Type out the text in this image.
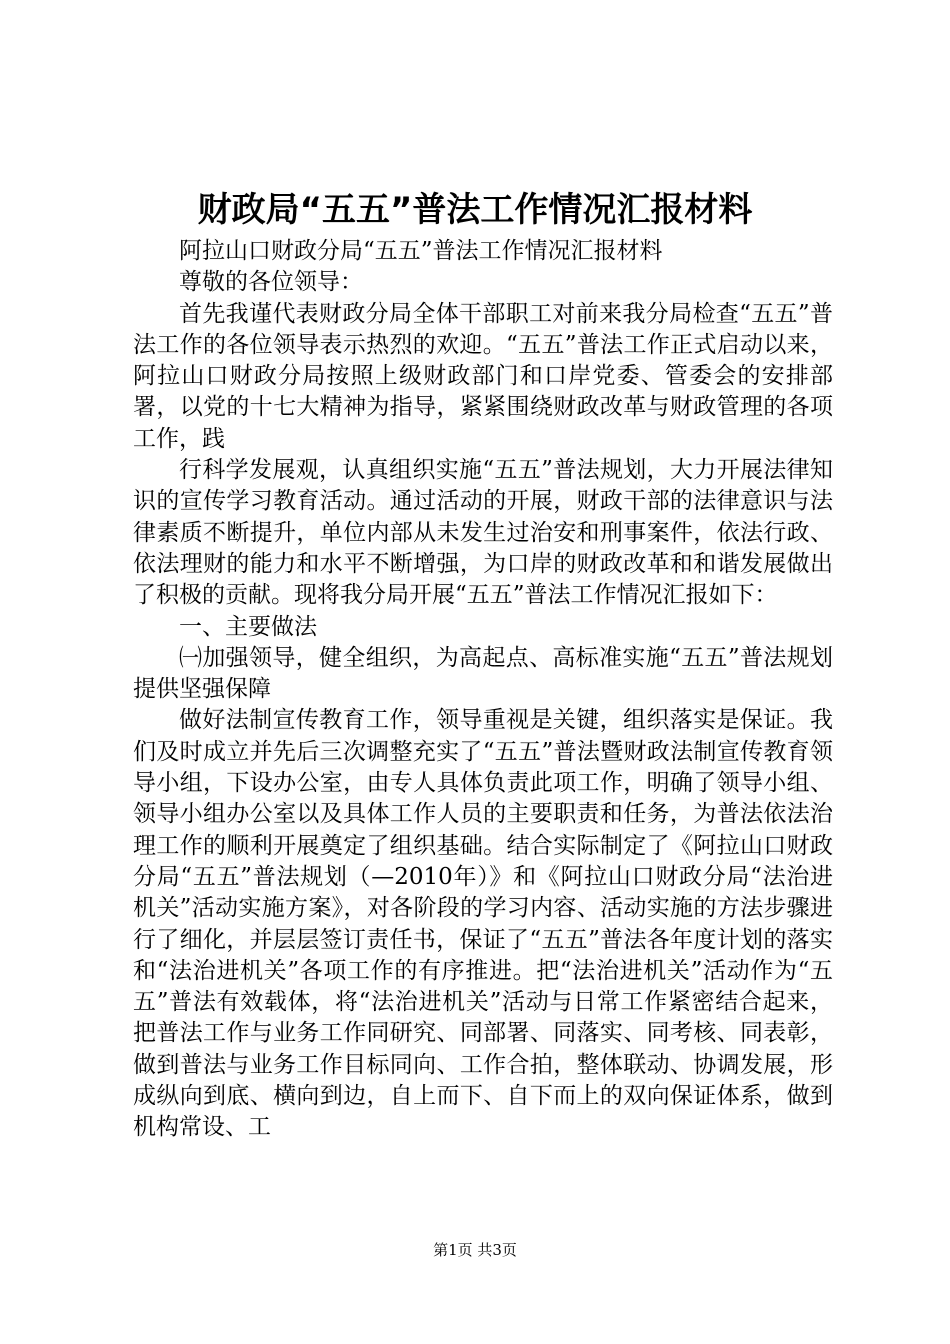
财政局“五五”普法工作情况汇报材料

阿拉山口财政分局“五五”普法工作情况汇报材料

尊敬的各位领导：

首先我谨代表财政分局全体干部职工对前来我分局检查“五五”普法工作的各位领导表示热烈的欢迎。“五五”普法工作正式启动以来，阿拉山口财政分局按照上级财政部门和口岸党委、管委会的安排部署，以党的十七大精神为指导，紧紧围绕财政改革与财政管理的各项工作，践

行科学发展观，认真组织实施“五五”普法规划，大力开展法律知识的宣传学习教育活动。通过活动的开展，财政干部的法律意识与法律素质不断提升，单位内部从未发生过治安和刑事案件，依法行政、依法理财的能力和水平不断增强，为口岸的财政改革和和谐发展做出了积极的贡献。现将我分局开展“五五”普法工作情况汇报如下：

一、主要做法

㈠加强领导，健全组织，为高起点、高标准实施“五五”普法规划提供坚强保障

做好法制宣传教育工作，领导重视是关键，组织落实是保证。我们及时成立并先后三次调整充实了“五五”普法暨财政法制宣传教育领导小组，下设办公室，由专人具体负责此项工作，明确了领导小组、领导小组办公室以及具体工作人员的主要职责和任务，为普法依法治理工作的顺利开展奠定了组织基础。结合实际制定了《阿拉山口财政分局“五五”普法规划（—2010年）》和《阿拉山口财政分局“法治进机关”活动实施方案》，对各阶段的学习内容、活动实施的方法步骤进行了细化，并层层签订责任书，保证了“五五”普法各年度计划的落实和“法治进机关”各项工作的有序推进。把“法治进机关”活动作为“五五”普法有效载体，将“法治进机关”活动与日常工作紧密结合起来，把普法工作与业务工作同研究、同部署、同落实、同考核、同表彰，做到普法与业务工作目标同向、工作合拍，整体联动、协调发展，形成纵向到底、横向到边，自上而下、自下而上的双向保证体系，做到机构常设、工

第1页 共3页
